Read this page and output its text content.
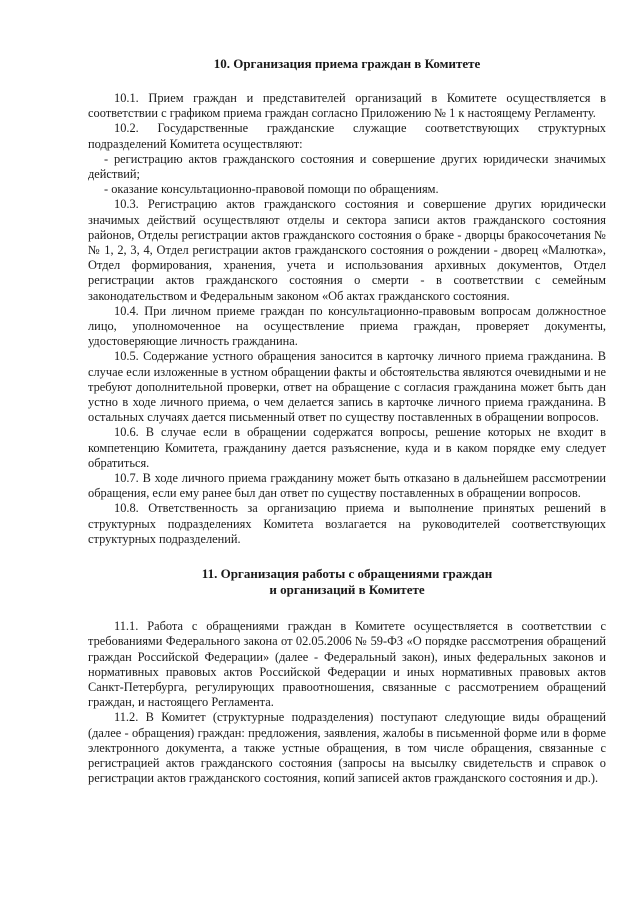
10. Организация приема граждан в Комитете

10.1. Прием граждан и представителей организаций в Комитете осуществляется в соответствии с графиком приема граждан согласно Приложению № 1 к настоящему Регламенту.

10.2. Государственные гражданские служащие соответствующих структурных подразделений Комитета осуществляют:

- регистрацию актов гражданского состояния и совершение других юридически значимых действий;

- оказание консультационно-правовой помощи по обращениям.

10.3. Регистрацию актов гражданского состояния и совершение других юридически значимых действий осуществляют отделы и сектора записи актов гражданского состояния районов, Отделы регистрации актов гражданского состояния о браке - дворцы бракосочетания № № 1, 2, 3, 4, Отдел регистрации актов гражданского состояния о рождении - дворец «Малютка», Отдел формирования, хранения, учета и использования архивных документов, Отдел регистрации актов гражданского состояния о смерти - в соответствии с семейным законодательством и Федеральным законом «Об актах гражданского состояния.

10.4. При личном приеме граждан по консультационно-правовым вопросам должностное лицо, уполномоченное на осуществление приема граждан, проверяет документы, удостоверяющие личность гражданина.

10.5. Содержание устного обращения заносится в карточку личного приема гражданина. В случае если изложенные в устном обращении факты и обстоятельства являются очевидными и не требуют дополнительной проверки, ответ на обращение с согласия гражданина может быть дан устно в ходе личного приема, о чем делается запись в карточке личного приема гражданина. В остальных случаях дается письменный ответ по существу поставленных в обращении вопросов.

10.6. В случае если в обращении содержатся вопросы, решение которых не входит в компетенцию Комитета, гражданину дается разъяснение, куда и в каком порядке ему следует обратиться.

10.7. В ходе личного приема гражданину может быть отказано в дальнейшем рассмотрении обращения, если ему ранее был дан ответ по существу поставленных в обращении вопросов.

10.8. Ответственность за организацию приема и выполнение принятых решений в структурных подразделениях Комитета возлагается на руководителей соответствующих структурных подразделений.

11. Организация работы с обращениями граждан
и организаций в Комитете

11.1. Работа с обращениями граждан в Комитете осуществляется в соответствии с требованиями Федерального закона от 02.05.2006 № 59-ФЗ «О порядке рассмотрения обращений граждан Российской Федерации» (далее - Федеральный закон), иных федеральных законов и нормативных правовых актов Российской Федерации и иных нормативных правовых актов Санкт-Петербурга, регулирующих правоотношения, связанные с рассмотрением обращений граждан, и настоящего Регламента.

11.2. В Комитет (структурные подразделения) поступают следующие виды обращений (далее - обращения) граждан: предложения, заявления, жалобы в письменной форме или в форме электронного документа, а также устные обращения, в том числе обращения, связанные с регистрацией актов гражданского состояния (запросы на высылку свидетельств и справок о регистрации актов гражданского состояния, копий записей актов гражданского состояния и др.).
